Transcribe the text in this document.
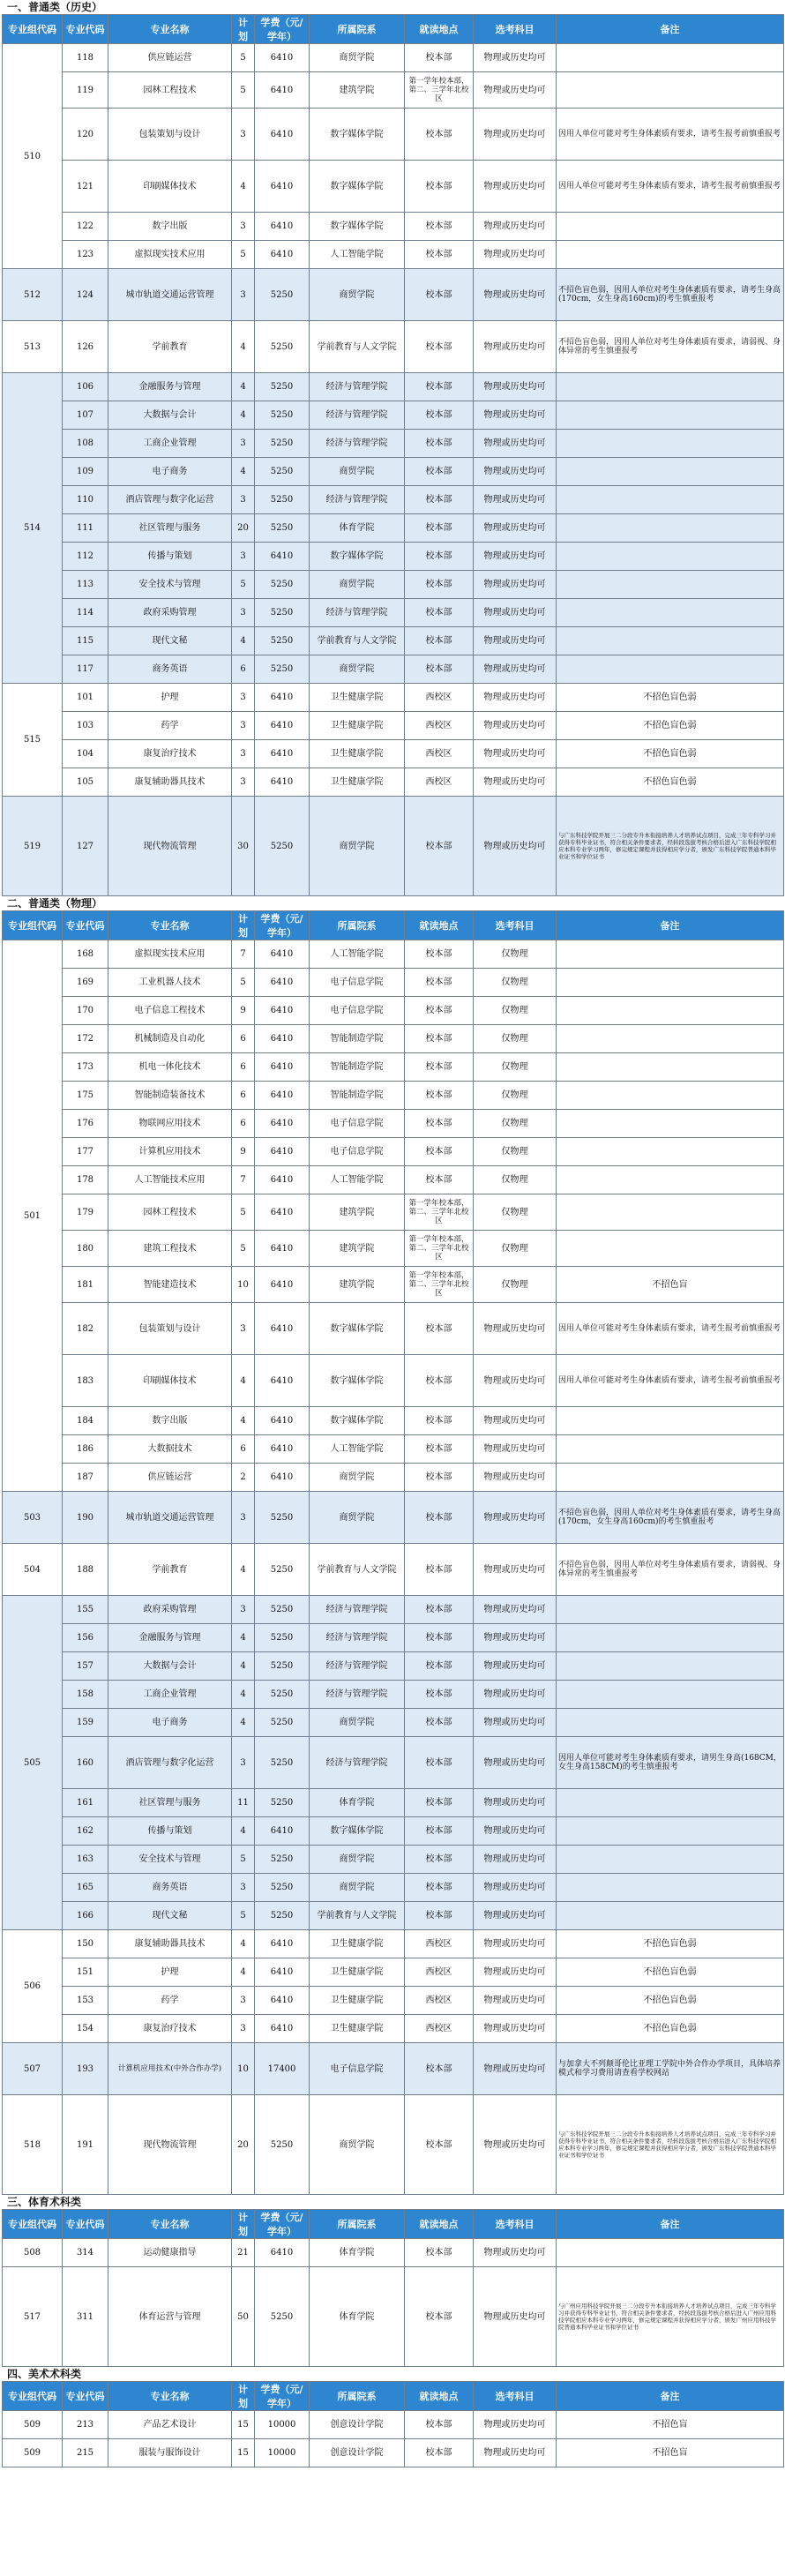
一、普通类（历史）
专业组代码	专业代码	专业名称	计划	学费（元/学年）	所属院系	就读地点	选考科目	备注
510	118	供应链运营	5	6410	商贸学院	校本部	物理或历史均可	
	119	园林工程技术	5	6410	建筑学院	第一学年校本部，第二、三学年北校区	物理或历史均可	
	120	包装策划与设计	3	6410	数字媒体学院	校本部	物理或历史均可	因用人单位可能对考生身体素质有要求，请考生报考前慎重报考
	121	印刷媒体技术	4	6410	数字媒体学院	校本部	物理或历史均可	因用人单位可能对考生身体素质有要求，请考生报考前慎重报考
	122	数字出版	3	6410	数字媒体学院	校本部	物理或历史均可	
	123	虚拟现实技术应用	5	6410	人工智能学院	校本部	物理或历史均可	
512	124	城市轨道交通运营管理	3	5250	商贸学院	校本部	物理或历史均可	不招色盲色弱，因用人单位对考生身体素质有要求，请考生身高(170cm，女生身高160cm)的考生慎重报考
513	126	学前教育	4	5250	学前教育与人文学院	校本部	物理或历史均可	不招色盲色弱，因用人单位对考生身体素质有要求，请弱视、身体异常的考生慎重报考
514	106	金融服务与管理	4	5250	经济与管理学院	校本部	物理或历史均可	
	107	大数据与会计	4	5250	经济与管理学院	校本部	物理或历史均可	
	108	工商企业管理	3	5250	经济与管理学院	校本部	物理或历史均可	
	109	电子商务	4	5250	商贸学院	校本部	物理或历史均可	
	110	酒店管理与数字化运营	3	5250	经济与管理学院	校本部	物理或历史均可	
	111	社区管理与服务	20	5250	体育学院	校本部	物理或历史均可	
	112	传播与策划	3	6410	数字媒体学院	校本部	物理或历史均可	
	113	安全技术与管理	5	5250	商贸学院	校本部	物理或历史均可	
	114	政府采购管理	3	5250	经济与管理学院	校本部	物理或历史均可	
	115	现代文秘	4	5250	学前教育与人文学院	校本部	物理或历史均可	
	117	商务英语	6	5250	商贸学院	校本部	物理或历史均可	
515	101	护理	3	6410	卫生健康学院	西校区	物理或历史均可	不招色盲色弱
	103	药学	3	6410	卫生健康学院	西校区	物理或历史均可	不招色盲色弱
	104	康复治疗技术	3	6410	卫生健康学院	西校区	物理或历史均可	不招色盲色弱
	105	康复辅助器具技术	3	6410	卫生健康学院	西校区	物理或历史均可	不招色盲色弱
519	127	现代物流管理	30	5250	商贸学院	校本部	物理或历史均可	与广东科技学院开展三二分段专升本衔接培养人才培养试点项目，完成三年专科学习并获得专科毕业证书，符合相关条件要求者，经转段选拔考核合格后进入广东科技学院相应本科专业学习两年，修完规定课程并获得相应学分者，颁发广东科技学院普通本科毕业证书和学位证书
二、普通类（物理）
专业组代码	专业代码	专业名称	计划	学费（元/学年）	所属院系	就读地点	选考科目	备注
501	168	虚拟现实技术应用	7	6410	人工智能学院	校本部	仅物理	
	169	工业机器人技术	5	6410	电子信息学院	校本部	仅物理	
	170	电子信息工程技术	9	6410	电子信息学院	校本部	仅物理	
	172	机械制造及自动化	6	6410	智能制造学院	校本部	仅物理	
	173	机电一体化技术	6	6410	智能制造学院	校本部	仅物理	
	175	智能制造装备技术	6	6410	智能制造学院	校本部	仅物理	
	176	物联网应用技术	6	6410	电子信息学院	校本部	仅物理	
	177	计算机应用技术	9	6410	电子信息学院	校本部	仅物理	
	178	人工智能技术应用	7	6410	人工智能学院	校本部	仅物理	
	179	园林工程技术	5	6410	建筑学院	第一学年校本部，第二、三学年北校区	仅物理	
	180	建筑工程技术	5	6410	建筑学院	第一学年校本部，第二、三学年北校区	仅物理	
	181	智能建造技术	10	6410	建筑学院	第一学年校本部，第二、三学年北校区	仅物理	不招色盲
	182	包装策划与设计	3	6410	数字媒体学院	校本部	物理或历史均可	因用人单位可能对考生身体素质有要求，请考生报考前慎重报考
	183	印刷媒体技术	4	6410	数字媒体学院	校本部	物理或历史均可	因用人单位可能对考生身体素质有要求，请考生报考前慎重报考
	184	数字出版	4	6410	数字媒体学院	校本部	物理或历史均可	
	186	大数据技术	6	6410	人工智能学院	校本部	物理或历史均可	
	187	供应链运营	2	6410	商贸学院	校本部	物理或历史均可	
503	190	城市轨道交通运营管理	3	5250	商贸学院	校本部	物理或历史均可	不招色盲色弱，因用人单位对考生身体素质有要求，请考生身高(170cm，女生身高160cm)的考生慎重报考
504	188	学前教育	4	5250	学前教育与人文学院	校本部	物理或历史均可	不招色盲色弱，因用人单位对考生身体素质有要求，请弱视、身体异常的考生慎重报考
505	155	政府采购管理	3	5250	经济与管理学院	校本部	物理或历史均可	
	156	金融服务与管理	4	5250	经济与管理学院	校本部	物理或历史均可	
	157	大数据与会计	4	5250	经济与管理学院	校本部	物理或历史均可	
	158	工商企业管理	4	5250	经济与管理学院	校本部	物理或历史均可	
	159	电子商务	4	5250	商贸学院	校本部	物理或历史均可	
	160	酒店管理与数字化运营	3	5250	经济与管理学院	校本部	物理或历史均可	因用人单位可能对考生身体素质有要求，请男生身高(168CM，女生身高158CM)的考生慎重报考
	161	社区管理与服务	11	5250	体育学院	校本部	物理或历史均可	
	162	传播与策划	4	6410	数字媒体学院	校本部	物理或历史均可	
	163	安全技术与管理	5	5250	商贸学院	校本部	物理或历史均可	
	165	商务英语	3	5250	商贸学院	校本部	物理或历史均可	
	166	现代文秘	5	5250	学前教育与人文学院	校本部	物理或历史均可	
506	150	康复辅助器具技术	4	6410	卫生健康学院	西校区	物理或历史均可	不招色盲色弱
	151	护理	4	6410	卫生健康学院	西校区	物理或历史均可	不招色盲色弱
	153	药学	3	6410	卫生健康学院	西校区	物理或历史均可	不招色盲色弱
	154	康复治疗技术	3	6410	卫生健康学院	西校区	物理或历史均可	不招色盲色弱
507	193	计算机应用技术(中外合作办学)	10	17400	电子信息学院	校本部	物理或历史均可	与加拿大不列颠哥伦比亚理工学院中外合作办学项目，具体培养模式和学习费用请查看学校网站
518	191	现代物流管理	20	5250	商贸学院	校本部	物理或历史均可	与广东科技学院开展三二分段专升本衔接培养人才培养试点项目，完成三年专科学习并获得专科毕业证书，符合相关条件要求者，经转段选拔考核合格后进入广东科技学院相应本科专业学习两年，修完规定课程并获得相应学分者，颁发广东科技学院普通本科毕业证书和学位证书
三、体育术科类
专业组代码	专业代码	专业名称	计划	学费（元/学年）	所属院系	就读地点	选考科目	备注
508	314	运动健康指导	21	6410	体育学院	校本部	物理或历史均可	
517	311	体育运营与管理	50	5250	体育学院	校本部	物理或历史均可	与广州应用科技学院开展三二分段专升本衔接培养人才培养试点项目，完成三年专科学习并获得专科毕业证书，符合相关条件要求者，经转段选拔考核合格后进入广州应用科技学院相应本科专业学习两年，修完规定课程并获得相应学分者，颁发广州应用科技学院普通本科毕业证书和学位证书
四、美术术科类
专业组代码	专业代码	专业名称	计划	学费（元/学年）	所属院系	就读地点	选考科目	备注
509	213	产品艺术设计	15	10000	创意设计学院	校本部	物理或历史均可	不招色盲
509	215	服装与服饰设计	15	10000	创意设计学院	校本部	物理或历史均可	不招色盲
